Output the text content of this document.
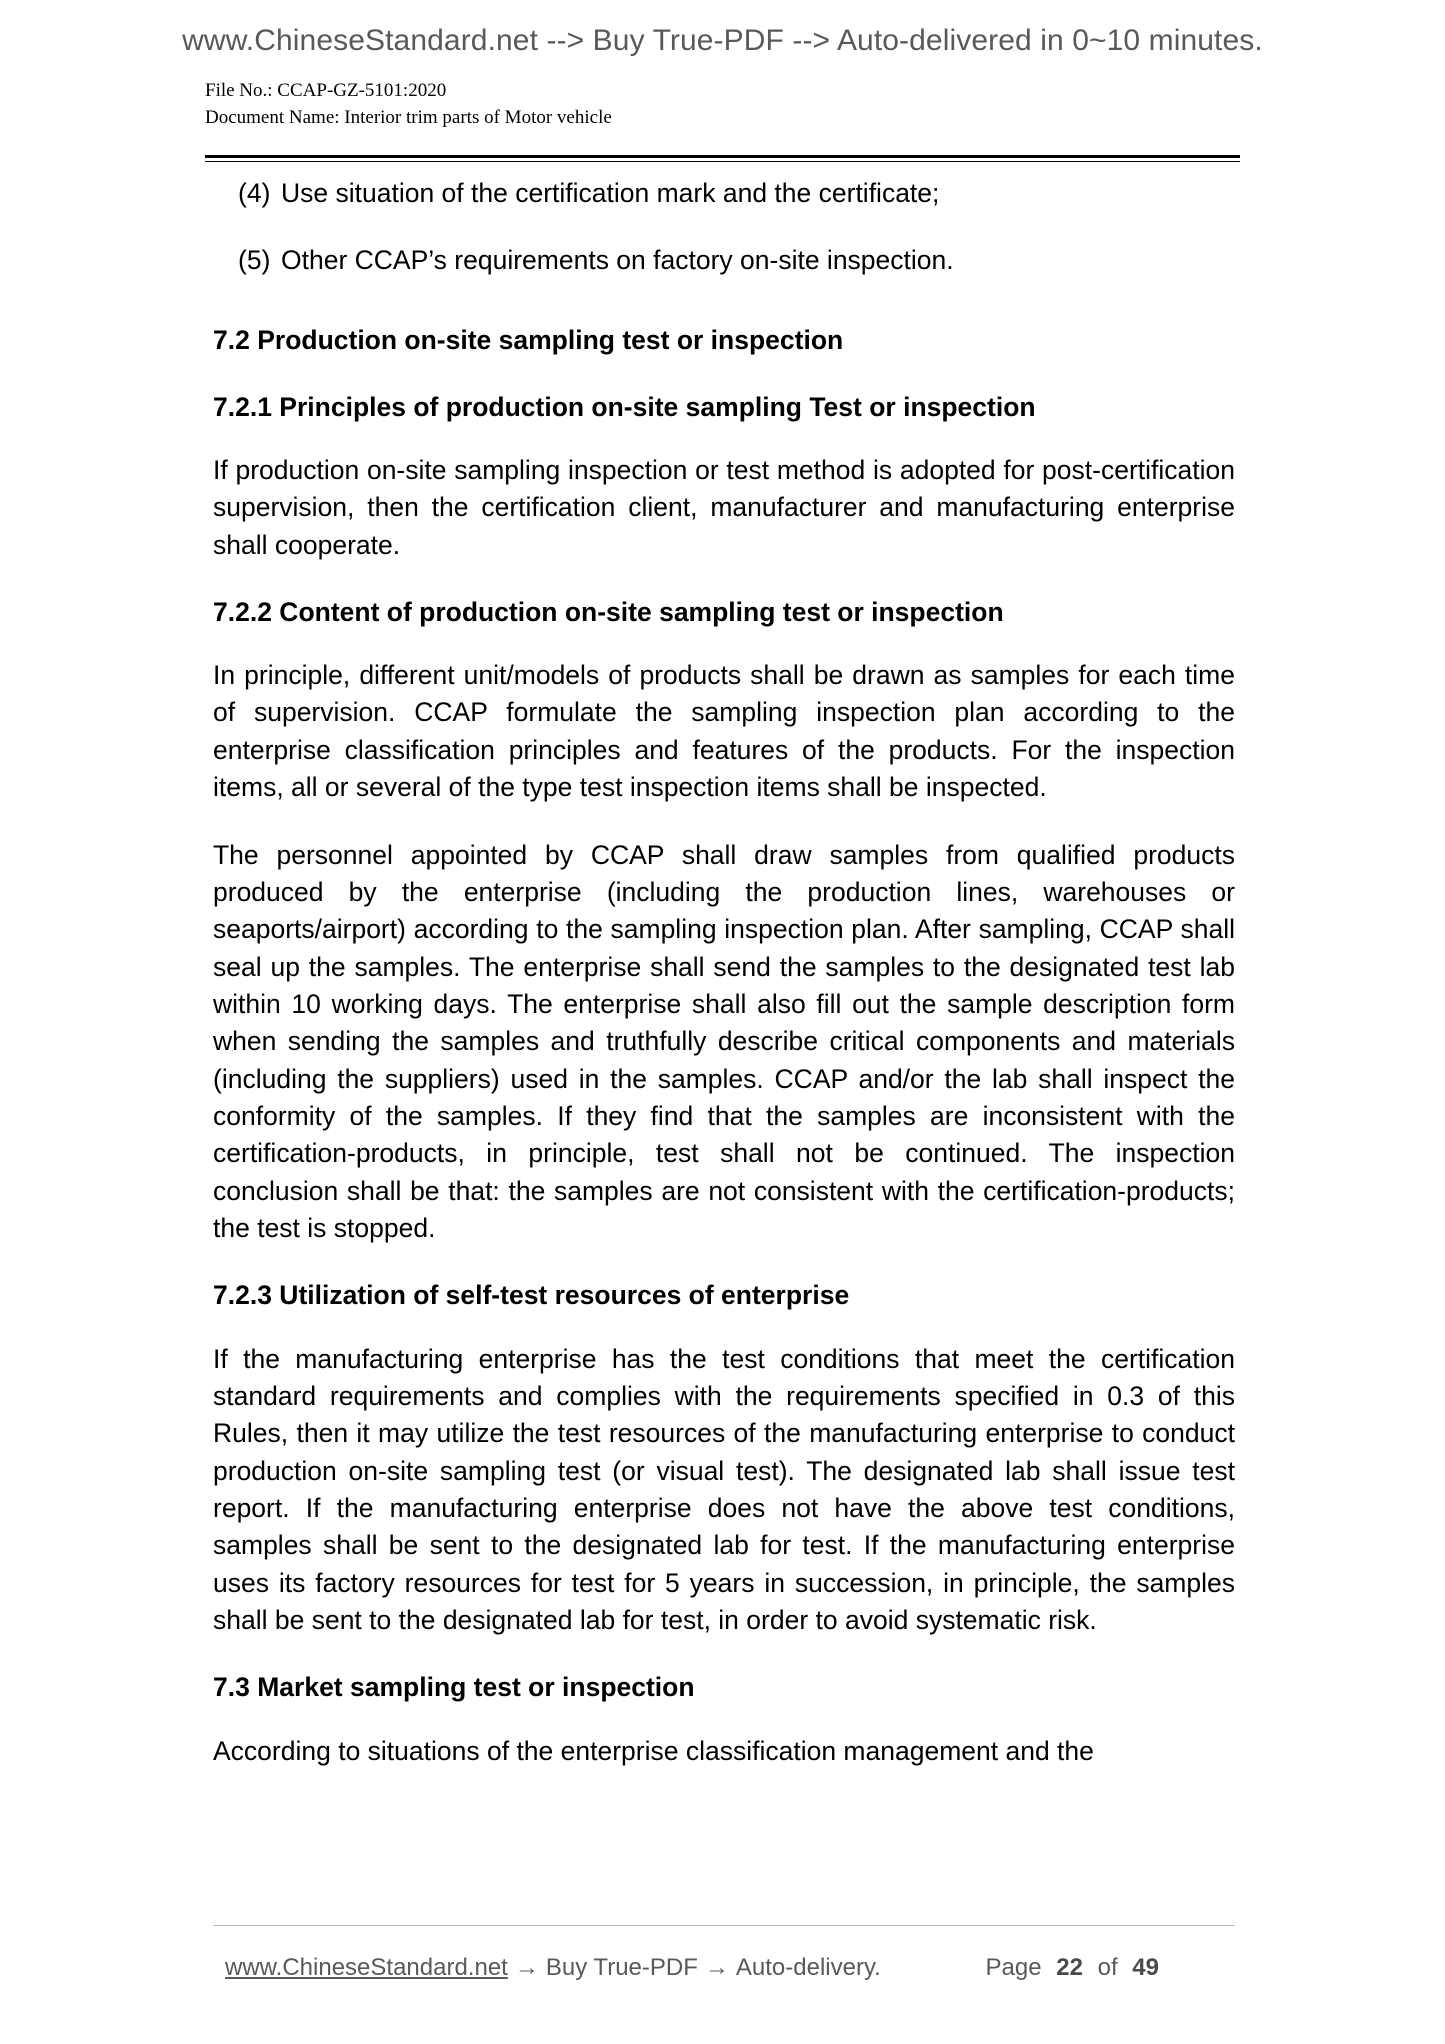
www.ChineseStandard.net --> Buy True-PDF --> Auto-delivered in 0~10 minutes.
File No.: CCAP-GZ-5101:2020
Document Name: Interior trim parts of Motor vehicle
(4) Use situation of the certification mark and the certificate;
(5) Other CCAP’s requirements on factory on-site inspection.
7.2 Production on-site sampling test or inspection
7.2.1 Principles of production on-site sampling Test or inspection

If production on-site sampling inspection or test method is adopted for post-certification supervision, then the certification client, manufacturer and manufacturing enterprise shall cooperate.

7.2.2 Content of production on-site sampling test or inspection

In principle, different unit/models of products shall be drawn as samples for each time of supervision. CCAP formulate the sampling inspection plan according to the enterprise classification principles and features of the products. For the inspection items, all or several of the type test inspection items shall be inspected.

The personnel appointed by CCAP shall draw samples from qualified products produced by the enterprise (including the production lines, warehouses or seaports/airport) according to the sampling inspection plan. After sampling, CCAP shall seal up the samples. The enterprise shall send the samples to the designated test lab within 10 working days. The enterprise shall also fill out the sample description form when sending the samples and truthfully describe critical components and materials (including the suppliers) used in the samples. CCAP and/or the lab shall inspect the conformity of the samples. If they find that the samples are inconsistent with the certification-products, in principle, test shall not be continued. The inspection conclusion shall be that: the samples are not consistent with the certification-products; the test is stopped.

7.2.3 Utilization of self-test resources of enterprise

If the manufacturing enterprise has the test conditions that meet the certification standard requirements and complies with the requirements specified in 0.3 of this Rules, then it may utilize the test resources of the manufacturing enterprise to conduct production on-site sampling test (or visual test). The designated lab shall issue test report. If the manufacturing enterprise does not have the above test conditions, samples shall be sent to the designated lab for test. If the manufacturing enterprise uses its factory resources for test for 5 years in succession, in principle, the samples shall be sent to the designated lab for test, in order to avoid systematic risk.

7.3 Market sampling test or inspection

According to situations of the enterprise classification management and the

www.ChineseStandard.net → Buy True-PDF → Auto-delivery.	Page 22 of 49
